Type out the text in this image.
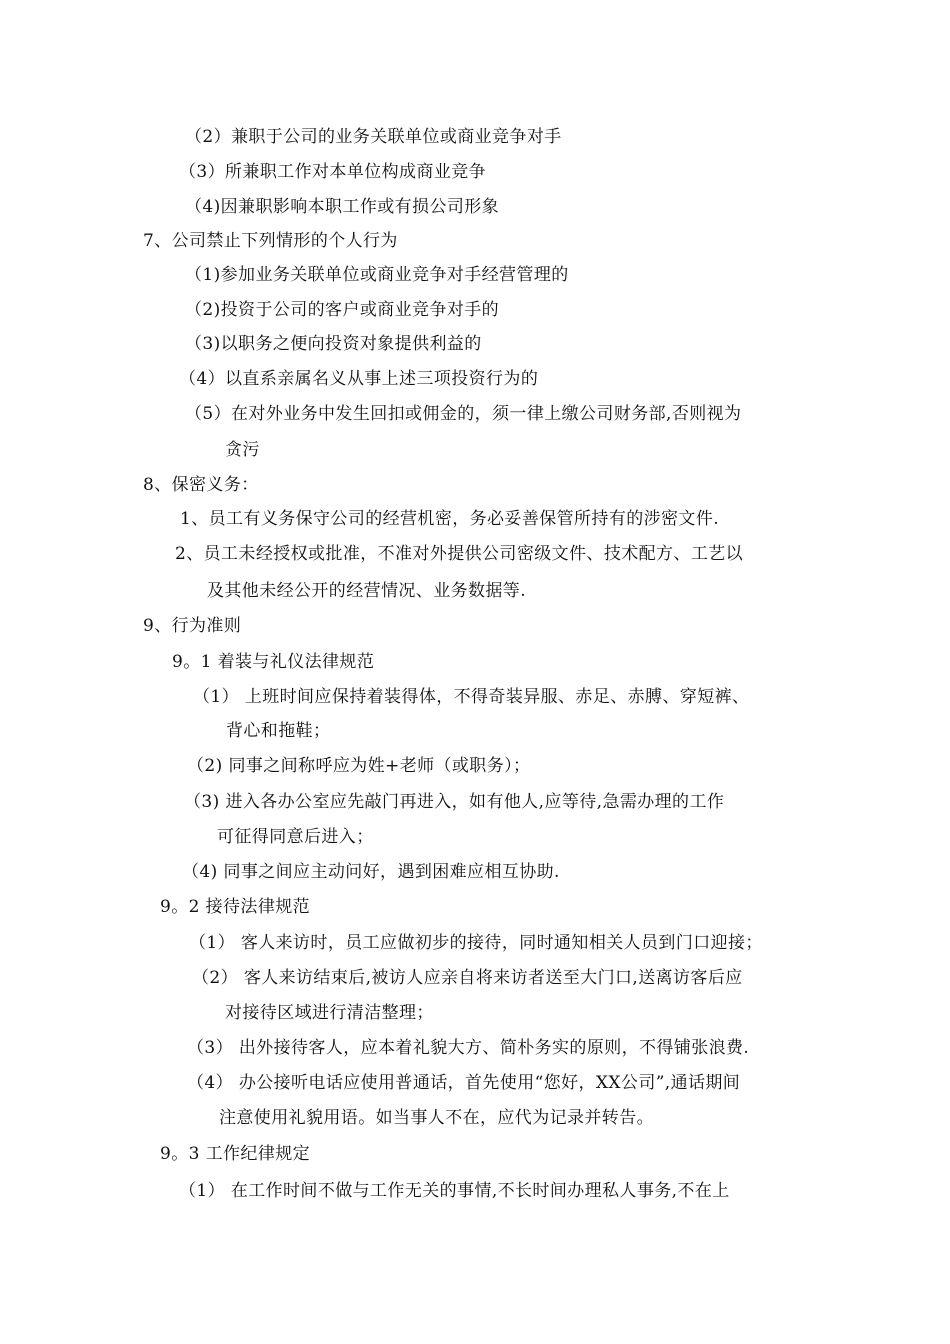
（2）兼职于公司的业务关联单位或商业竞争对手
（3）所兼职工作对本单位构成商业竞争
（4)因兼职影响本职工作或有损公司形象
7、公司禁止下列情形的个人行为
（1)参加业务关联单位或商业竞争对手经营管理的
（2)投资于公司的客户或商业竞争对手的
（3)以职务之便向投资对象提供利益的
（4）以直系亲属名义从事上述三项投资行为的
（5）在对外业务中发生回扣或佣金的，须一律上缴公司财务部,否则视为
贪污
8、保密义务：
1、员工有义务保守公司的经营机密，务必妥善保管所持有的涉密文件.
2、员工未经授权或批准，不准对外提供公司密级文件、技术配方、工艺以
及其他未经公开的经营情况、业务数据等.
9、行为准则
9。1 着装与礼仪法律规范
（1） 上班时间应保持着装得体，不得奇装异服、赤足、赤膊、穿短裤、
背心和拖鞋；
（2) 同事之间称呼应为姓+老师（或职务）；
（3) 进入各办公室应先敲门再进入，如有他人,应等待,急需办理的工作
可征得同意后进入；
（4) 同事之间应主动问好，遇到困难应相互协助.
9。2 接待法律规范
（1） 客人来访时，员工应做初步的接待，同时通知相关人员到门口迎接；
（2） 客人来访结束后,被访人应亲自将来访者送至大门口,送离访客后应
对接待区域进行清洁整理；
（3） 出外接待客人，应本着礼貌大方、简朴务实的原则，不得铺张浪费.
（4） 办公接听电话应使用普通话，首先使用“您好，XX公司”,通话期间
注意使用礼貌用语。如当事人不在，应代为记录并转告。
9。3 工作纪律规定
（1） 在工作时间不做与工作无关的事情,不长时间办理私人事务,不在上
